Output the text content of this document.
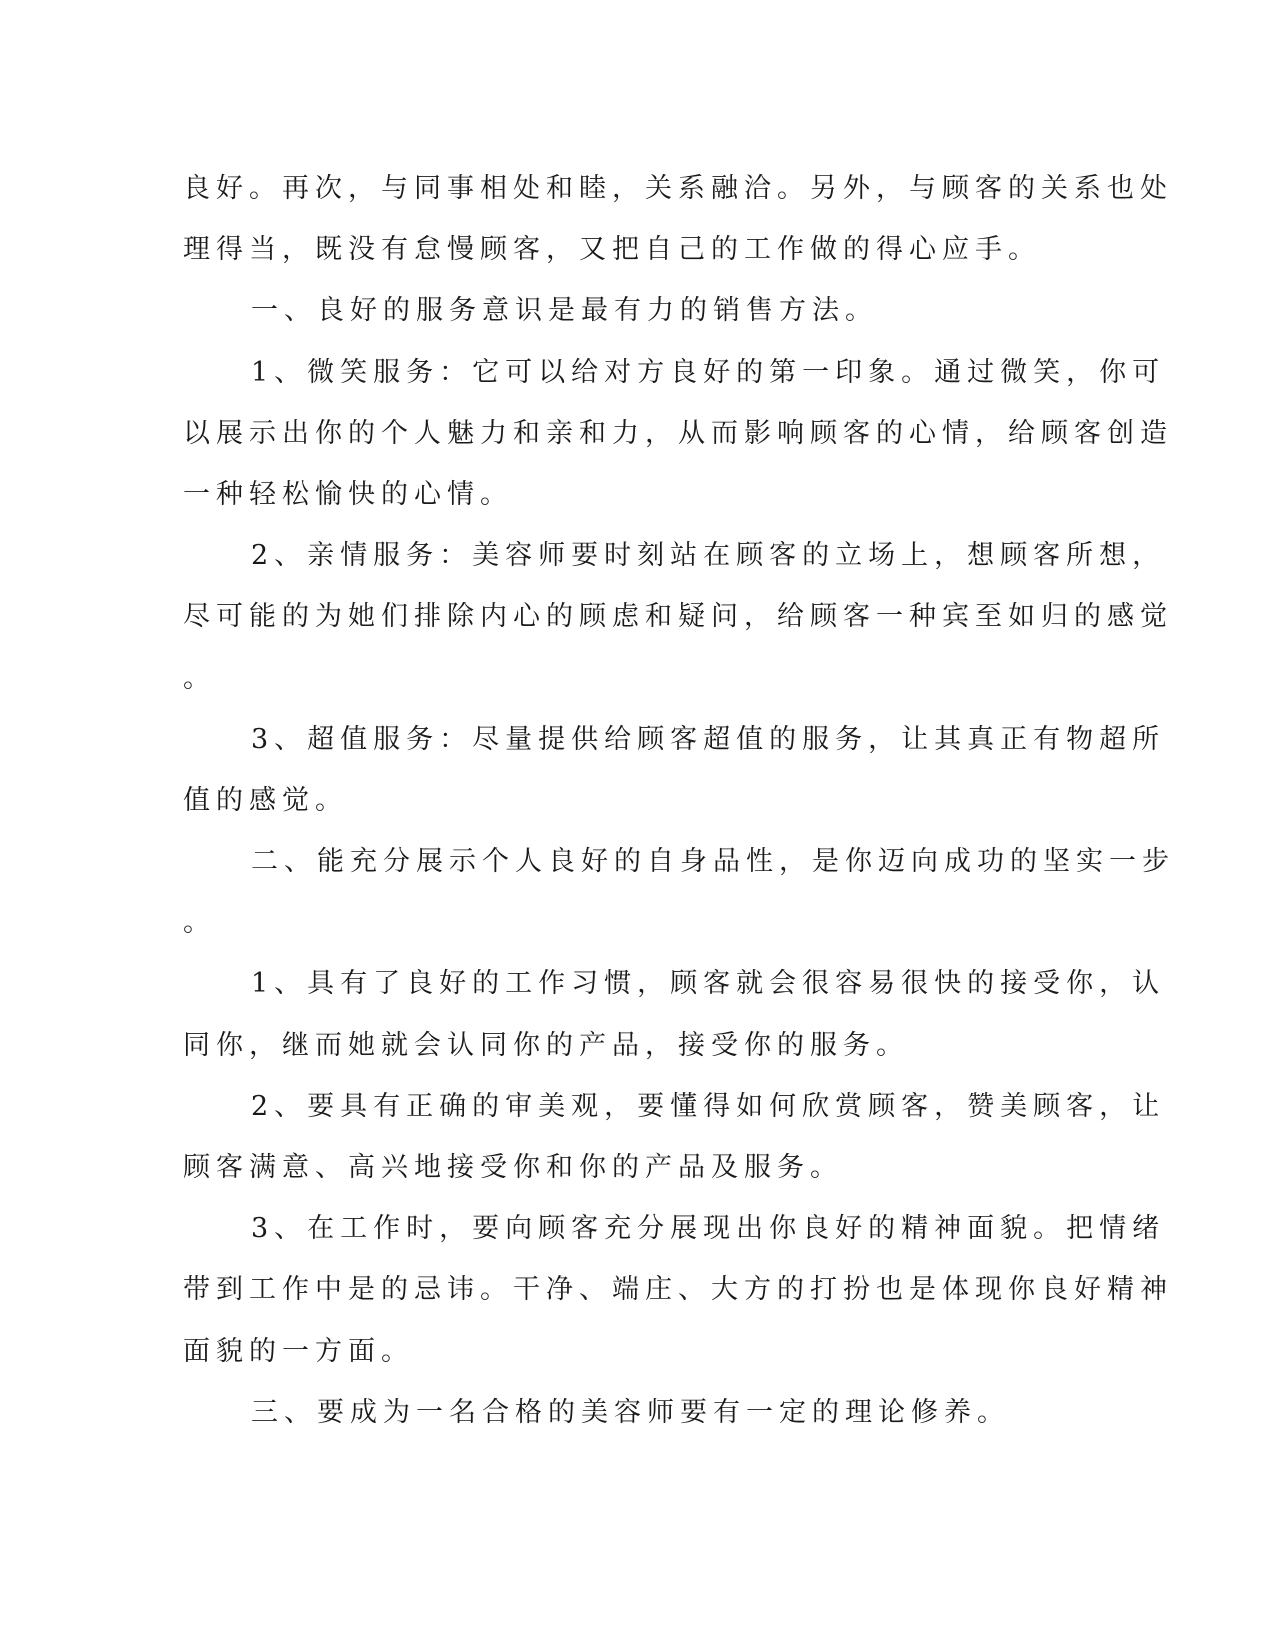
良好。再次，与同事相处和睦，关系融洽。另外，与顾客的关系也处
理得当，既没有怠慢顾客，又把自己的工作做的得心应手。
一、良好的服务意识是最有力的销售方法。
1、微笑服务：它可以给对方良好的第一印象。通过微笑，你可
以展示出你的个人魅力和亲和力，从而影响顾客的心情，给顾客创造
一种轻松愉快的心情。
2、亲情服务：美容师要时刻站在顾客的立场上，想顾客所想，
尽可能的为她们排除内心的顾虑和疑问，给顾客一种宾至如归的感觉
。
3、超值服务：尽量提供给顾客超值的服务，让其真正有物超所
值的感觉。
二、能充分展示个人良好的自身品性，是你迈向成功的坚实一步
。
1、具有了良好的工作习惯，顾客就会很容易很快的接受你，认
同你，继而她就会认同你的产品，接受你的服务。
2、要具有正确的审美观，要懂得如何欣赏顾客，赞美顾客，让
顾客满意、高兴地接受你和你的产品及服务。
3、在工作时，要向顾客充分展现出你良好的精神面貌。把情绪
带到工作中是的忌讳。干净、端庄、大方的打扮也是体现你良好精神
面貌的一方面。
三、要成为一名合格的美容师要有一定的理论修养。
